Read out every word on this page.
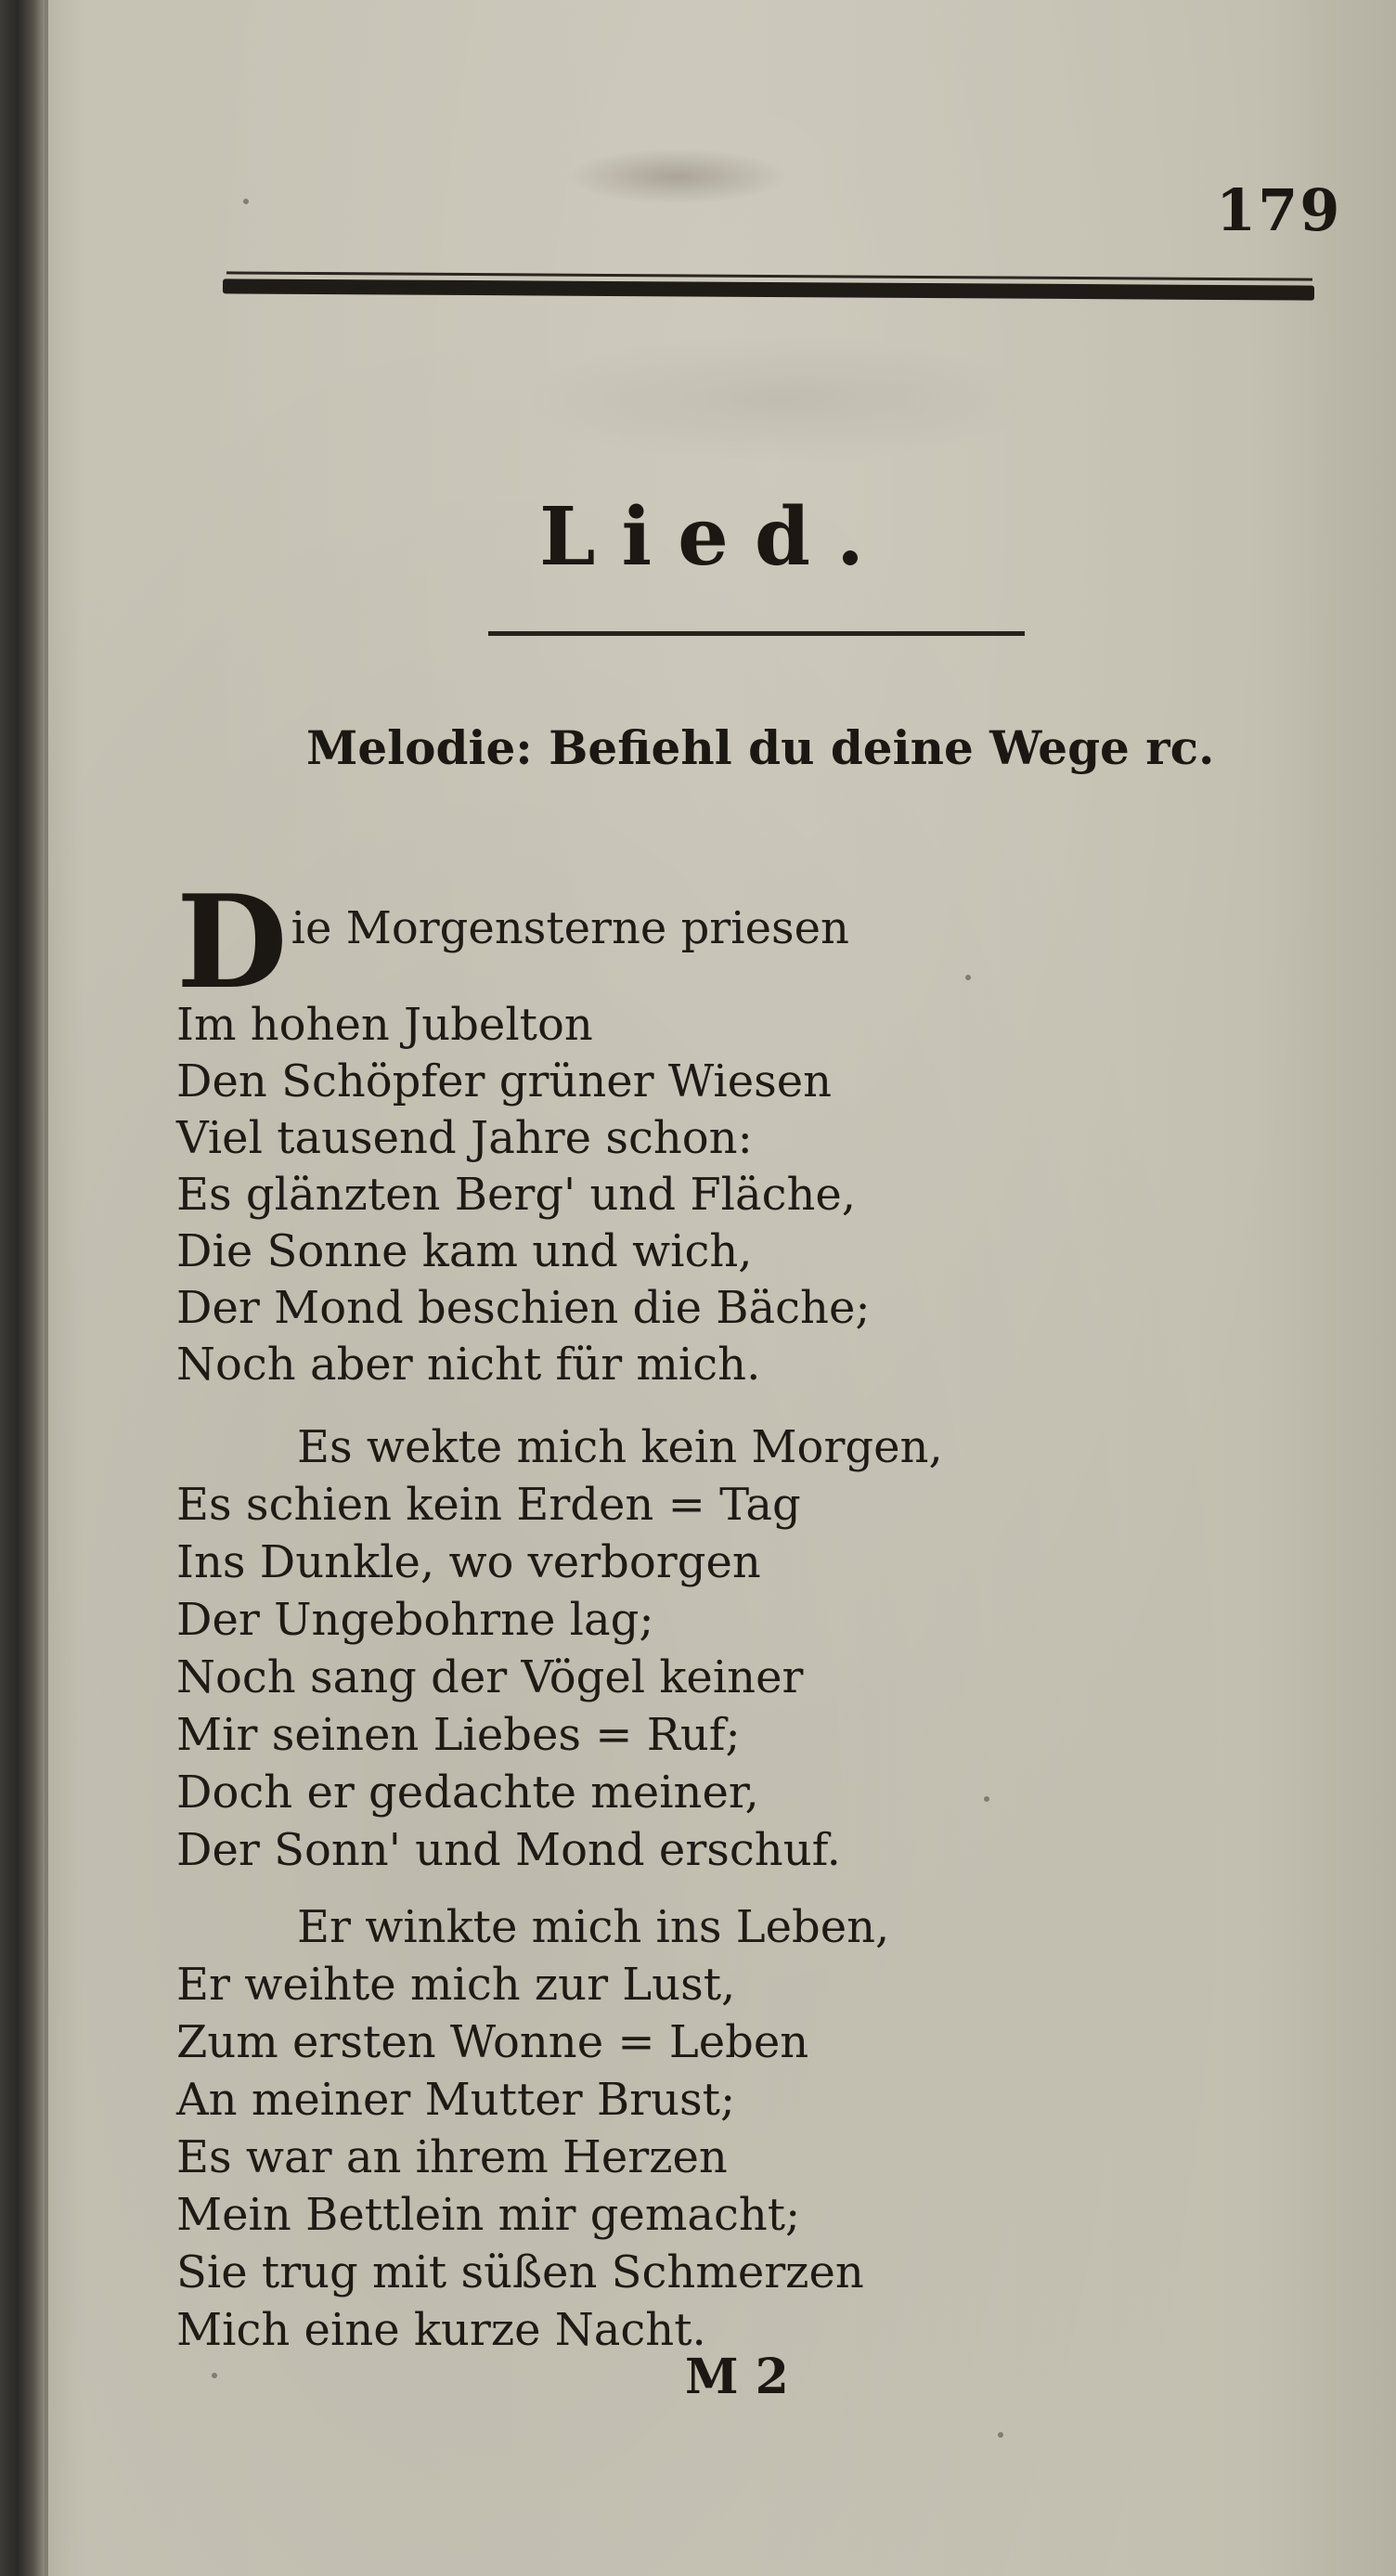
179
Lied.
Melodie: Befiehl du deine Wege rc.
D ie Morgensterne priesen
Im hohen Jubelton
Den Schöpfer grüner Wiesen
Viel tausend Jahre schon:
Es glänzten Berg' und Fläche,
Die Sonne kam und wich,
Der Mond beschien die Bäche;
Noch aber nicht für mich.
Es wekte mich kein Morgen,
Es schien kein Erden = Tag
Ins Dunkle, wo verborgen
Der Ungebohrne lag;
Noch sang der Vögel keiner
Mir seinen Liebes = Ruf;
Doch er gedachte meiner,
Der Sonn' und Mond erschuf.
Er winkte mich ins Leben,
Er weihte mich zur Lust,
Zum ersten Wonne = Leben
An meiner Mutter Brust;
Es war an ihrem Herzen
Mein Bettlein mir gemacht;
Sie trug mit süßen Schmerzen
Mich eine kurze Nacht.
M 2
